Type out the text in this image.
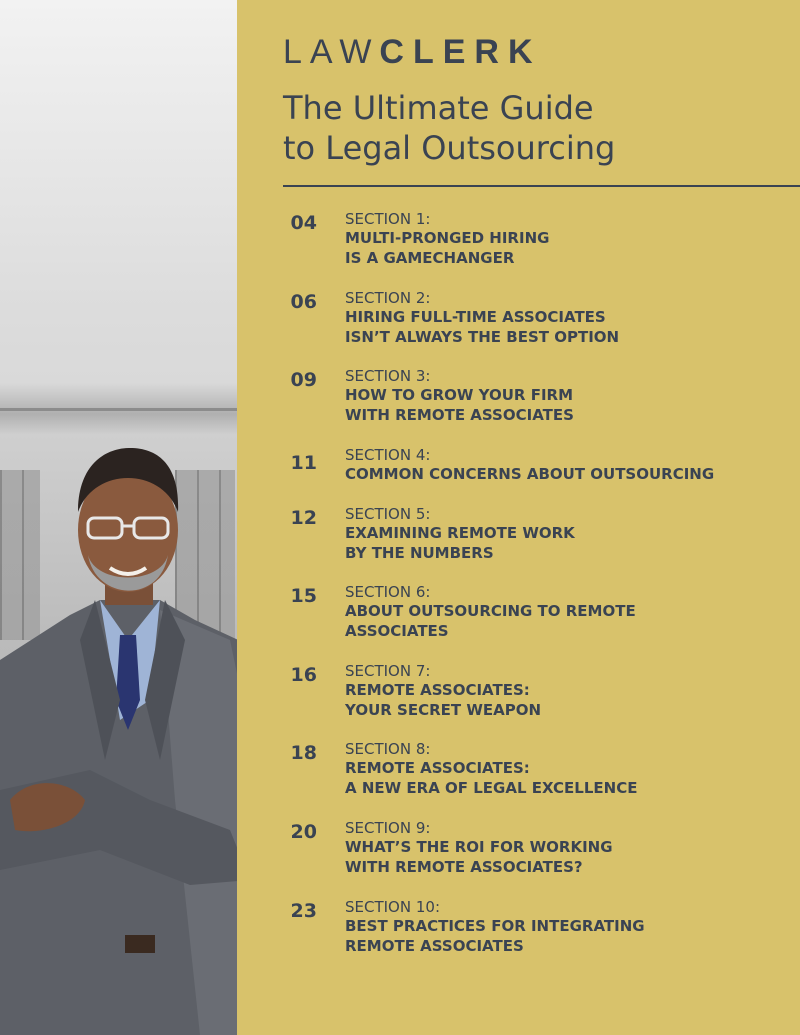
LAWCLERK
The Ultimate Guide
to Legal Outsourcing
04 SECTION 1:
MULTI-PRONGED HIRING
IS A GAMECHANGER
06 SECTION 2:
HIRING FULL-TIME ASSOCIATES
ISN’T ALWAYS THE BEST OPTION
09 SECTION 3:
HOW TO GROW YOUR FIRM
WITH REMOTE ASSOCIATES
11 SECTION 4:
COMMON CONCERNS ABOUT OUTSOURCING
12 SECTION 5:
EXAMINING REMOTE WORK
BY THE NUMBERS
15 SECTION 6:
ABOUT OUTSOURCING TO REMOTE
ASSOCIATES
16 SECTION 7:
REMOTE ASSOCIATES:
YOUR SECRET WEAPON
18 SECTION 8:
REMOTE ASSOCIATES:
A NEW ERA OF LEGAL EXCELLENCE
20 SECTION 9:
WHAT’S THE ROI FOR WORKING
WITH REMOTE ASSOCIATES?
23 SECTION 10:
BEST PRACTICES FOR INTEGRATING
REMOTE ASSOCIATES
